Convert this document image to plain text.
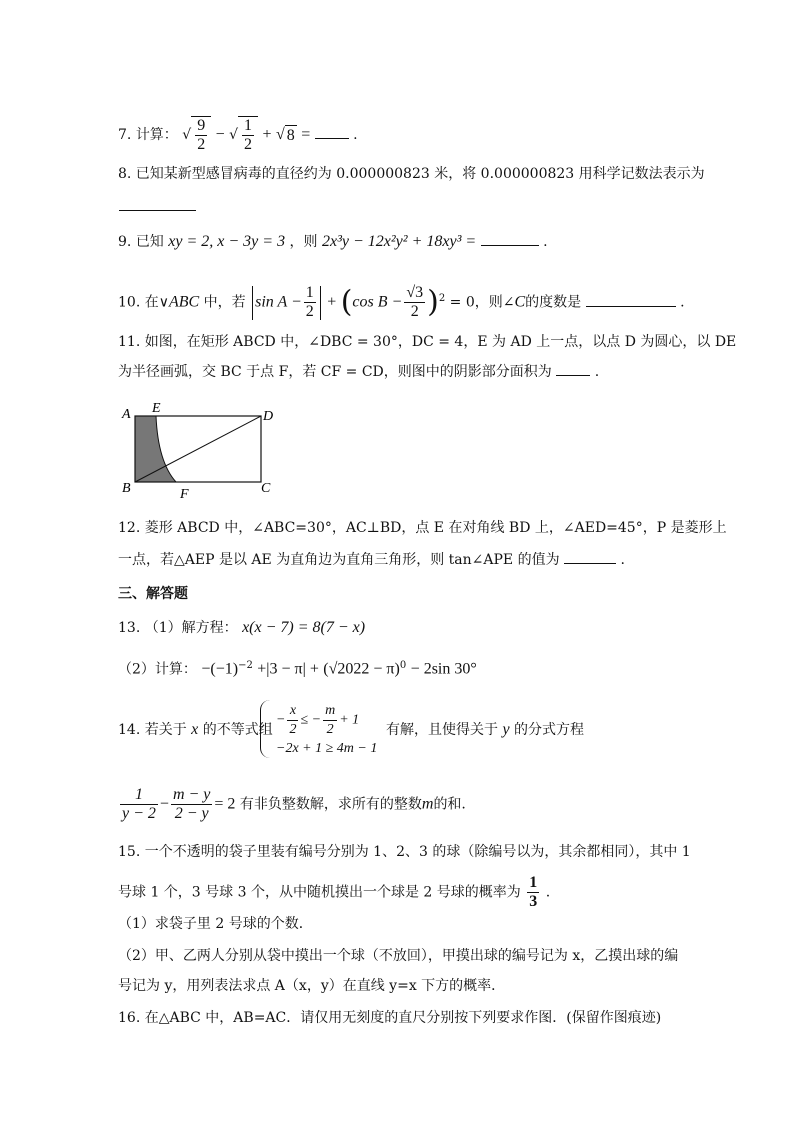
7. 计算： √ $\frac{9}{2}$ − √ $\frac{1}{2}$ + √ 8 =	.
8. 已知某新型感冒病毒的直径约为 0.000000823 米，将 0.000000823 用科学记数法表示为
9. 已知 xy = 2, x − 3y = 3 ，则 2x³y − 12x²y² + 18xy³ =	.
10. 在∨ABC 中，若 $\sin A - \frac{1}{2} + (\cos$ $B - \frac{√3}{2} )^2 = 0$，则∠C的度数是	.
11. 如图，在矩形 ABCD 中，∠DBC = 30°，DC = 4，E 为 AD 上一点，以点 D 为圆心，以 DE
为半径画弧，交 BC 于点 F，若 CF = CD，则图中的阴影部分面积为	.
A E
D
B	F	C
12. 菱形 ABCD 中，∠ABC=30°，AC⊥BD，点 E 在对角线 BD 上，∠AED=45°，P 是菱形上
一点，若△AEP 是以 AE 为直角边为直角三角形，则 tan∠APE 的值为	.
三、解答题
13. （1）解方程： x(x − 7) = 8(7 − x)
（2）计算： $-(-1)^{-2} +|3 - \pi| + (√2022 - \pi)^0 - 2\sin$ 30°
14. 若关于 x 的不等式组
− $\frac{x}{2}$ ≤ − $\frac{m}{2} + 1$
−2x + 1 ≥ 4m − 1
有解，且使得关于 y 的分式方程
$\frac{1}{y - 2} - \frac{m - y}{2 - y} = 2$ 有非负整数解，求所有的整数m的和.
15. 一个不透明的袋子里装有编号分别为 1、2、3 的球（除编号以为，其余都相同），其中 1
号球 1 个，3 号球 3 个，从中随机摸出一个球是 2 号球的概率为 $\frac{1}{3}$ .
（1）求袋子里 2 号球的个数．
（2）甲、乙两人分别从袋中摸出一个球（不放回），甲摸出球的编号记为 x，乙摸出球的编
号记为 y，用列表法求点 A（x，y）在直线 y=x 下方的概率．
16. 在△ABC 中，AB=AC．请仅用无刻度的直尺分别按下列要求作图．(保留作图痕迹)
